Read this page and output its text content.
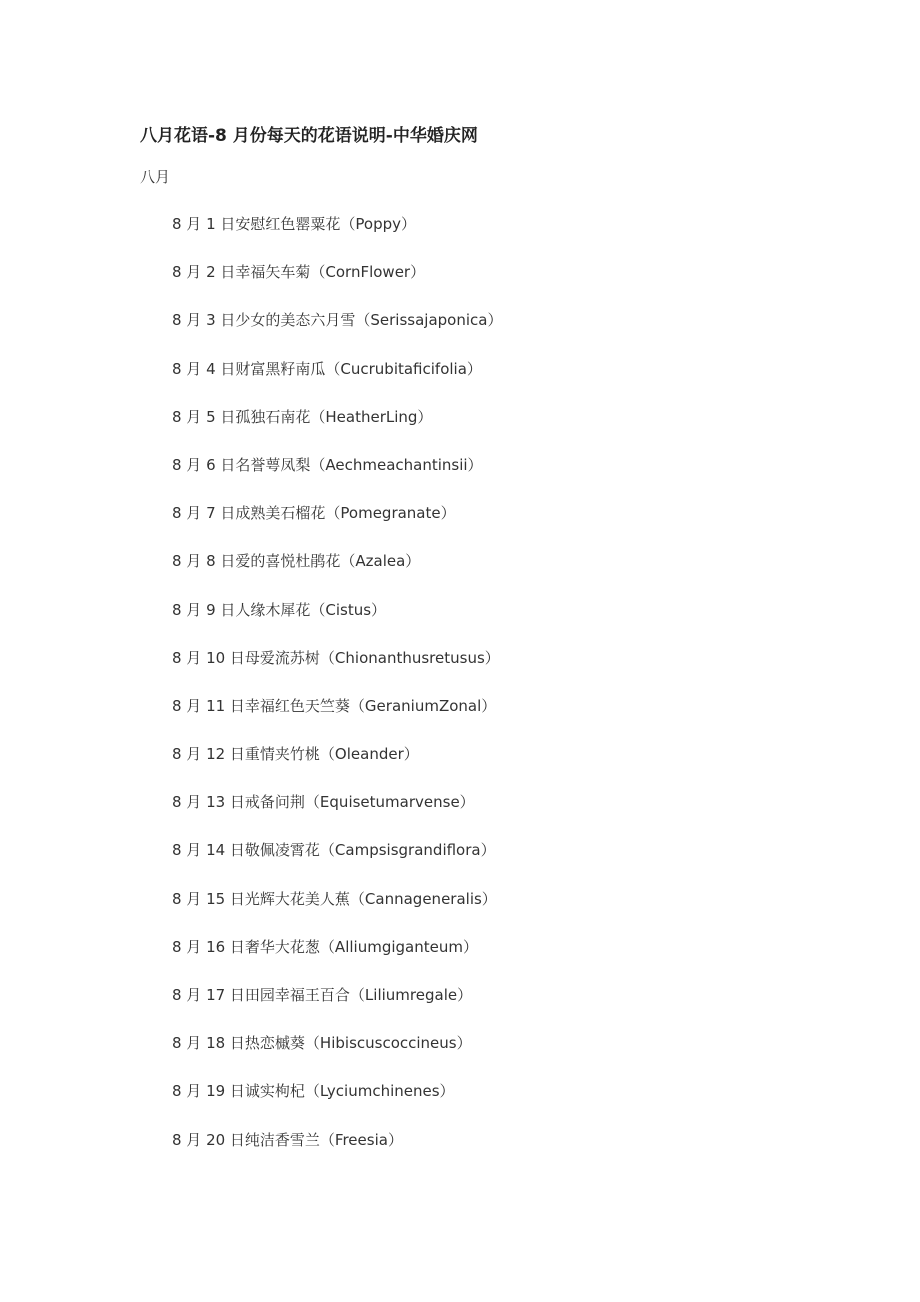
八月花语-8 月份每天的花语说明-中华婚庆网
八月
8 月 1 日安慰红色罂粟花（Poppy）
8 月 2 日幸福矢车菊（CornFlower）
8 月 3 日少女的美态六月雪（Serissajaponica）
8 月 4 日财富黑籽南瓜（Cucrubitaficifolia）
8 月 5 日孤独石南花（HeatherLing）
8 月 6 日名誉萼凤梨（Aechmeachantinsii）
8 月 7 日成熟美石榴花（Pomegranate）
8 月 8 日爱的喜悦杜鹃花（Azalea）
8 月 9 日人缘木犀花（Cistus）
8 月 10 日母爱流苏树（Chionanthusretusus）
8 月 11 日幸福红色天竺葵（GeraniumZonal）
8 月 12 日重情夹竹桃（Oleander）
8 月 13 日戒备问荆（Equisetumarvense）
8 月 14 日敬佩凌霄花（Campsisgrandiflora）
8 月 15 日光辉大花美人蕉（Cannageneralis）
8 月 16 日奢华大花葱（Alliumgiganteum）
8 月 17 日田园幸福王百合（Liliumregale）
8 月 18 日热恋槭葵（Hibiscuscoccineus）
8 月 19 日诚实枸杞（Lyciumchinenes）
8 月 20 日纯洁香雪兰（Freesia）
